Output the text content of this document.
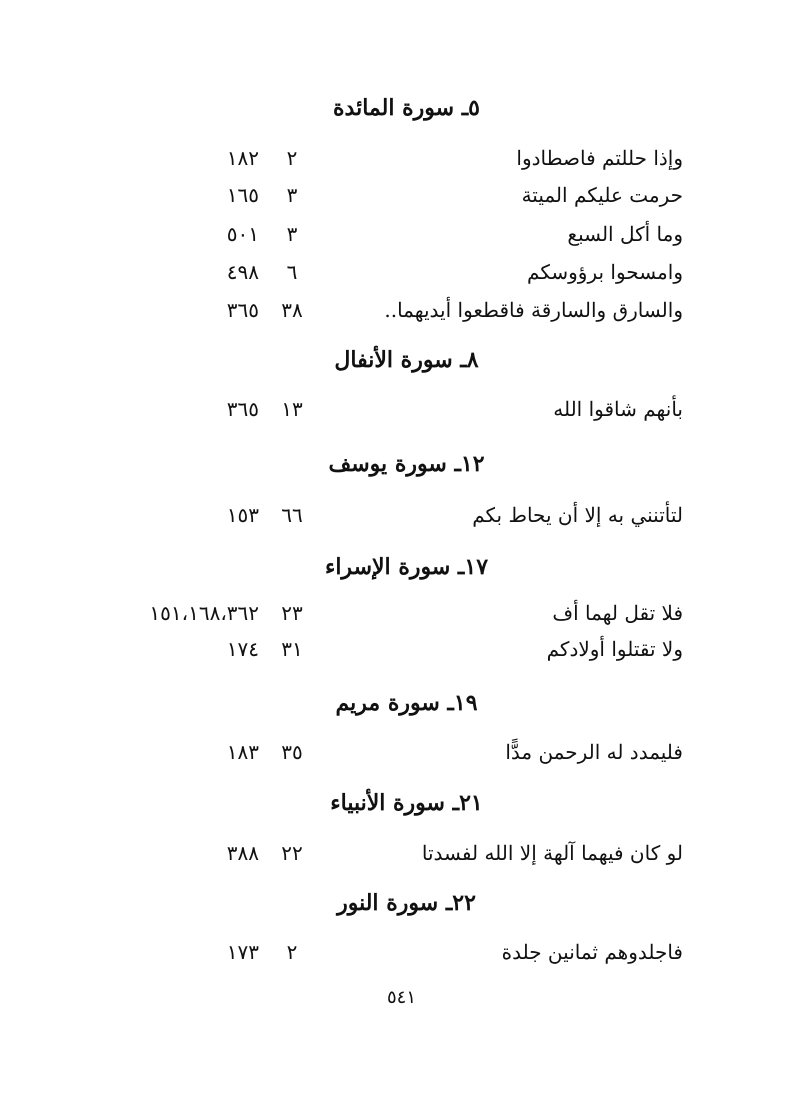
٥ـ سورة المائدة
وإذا حللتم فاصطادوا
٢
١٨٢
حرمت عليكم الميتة
٣
١٦٥
وما أكل السبع
٣
٥٠١
وامسحوا برؤوسكم
٦
٤٩٨
والسارق والسارقة فاقطعوا أيديهما..
٣٨
٣٦٥
٨ـ سورة الأنفال
بأنهم شاقوا الله
١٣
٣٦٥
١٢ـ سورة يوسف
لتأتنني به إلا أن يحاط بكم
٦٦
١٥٣
١٧ـ سورة الإسراء
فلا تقل لهما أف
٢٣
١٥١،١٦٨،٣٦٢
ولا تقتلوا أولادكم
٣١
١٧٤
١٩ـ سورة مريم
فليمدد له الرحمن مدًّا
٣٥
١٨٣
٢١ـ سورة الأنبياء
لو كان فيهما آلهة إلا الله لفسدتا
٢٢
٣٨٨
٢٢ـ سورة النور
فاجلدوهم ثمانين جلدة
٢
١٧٣
٥٤١
